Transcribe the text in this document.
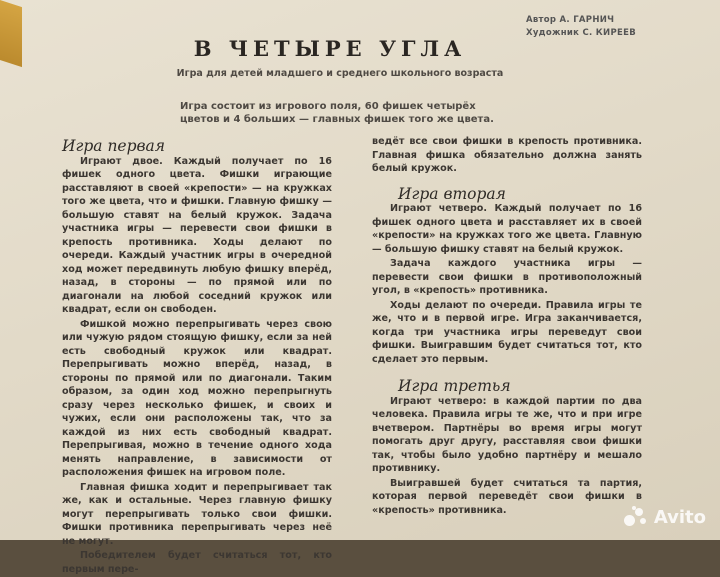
Автор А. ГАРНИЧ
Художник С. КИРЕЕВ
В ЧЕТЫРЕ УГЛА
Игра для детей младшего и среднего школьного возраста
Игра состоит из игрового поля, 60 фишек четырёх цветов и 4 больших — главных фишек того же цвета.

Игра первая

Играют двое. Каждый получает по 16 фишек одного цвета. Фишки играющие расставляют в своей «крепости» — на кружках того же цвета, что и фишки. Главную фишку — большую ставят на белый кружок. Задача участника игры — перевести свои фишки в крепость противника. Ходы делают по очереди. Каждый участник игры в очередной ход может передвинуть любую фишку вперёд, назад, в стороны — по прямой или по диагонали на любой соседний кружок или квадрат, если он свободен.

Фишкой можно перепрыгивать через свою или чужую рядом стоящую фишку, если за ней есть свободный кружок или квадрат. Перепрыгивать можно вперёд, назад, в стороны по прямой или по диагонали. Таким образом, за один ход можно перепрыгнуть сразу через несколько фишек, и своих и чужих, если они расположены так, что за каждой из них есть свободный квадрат. Перепрыгивая, можно в течение одного хода менять направление, в зависимости от расположения фишек на игровом поле.

Главная фишка ходит и перепрыгивает так же, как и остальные. Через главную фишку могут перепрыгивать только свои фишки. Фишки противника перепрыгивать через неё не могут.

Победителем будет считаться тот, кто первым пере-

ведёт все свои фишки в крепость противника. Главная фишка обязательно должна занять белый кружок.

Игра вторая

Играют четверо. Каждый получает по 16 фишек одного цвета и расставляет их в своей «крепости» на кружках того же цвета. Главную — большую фишку ставят на белый кружок.

Задача каждого участника игры — перевести свои фишки в противоположный угол, в «крепость» противника.

Ходы делают по очереди. Правила игры те же, что и в первой игре. Игра заканчивается, когда три участника игры переведут свои фишки. Выигравшим будет считаться тот, кто сделает это первым.

Игра третья

Играют четверо: в каждой партии по два человека. Правила игры те же, что и при игре вчетвером. Партнёры во время игры могут помогать друг другу, расставляя свои фишки так, чтобы было удобно партнёру и мешало противнику.

Выигравшей будет считаться та партия, которая первой переведёт свои фишки в «крепость» противника.	Avito
